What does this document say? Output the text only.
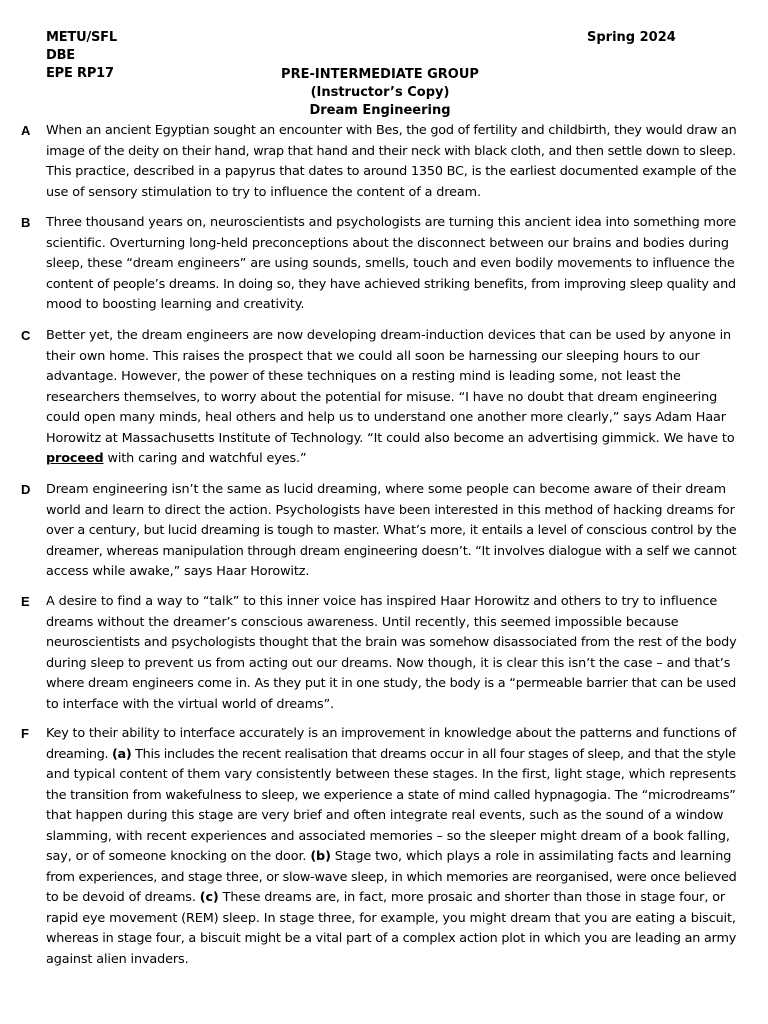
METU/SFL
DBE
EPE RP17
Spring 2024
PRE-INTERMEDIATE GROUP
(Instructor’s Copy)
Dream Engineering
A When an ancient Egyptian sought an encounter with Bes, the god of fertility and childbirth, they would draw an
image of the deity on their hand, wrap that hand and their neck with black cloth, and then settle down to sleep.
This practice, described in a papyrus that dates to around 1350 BC, is the earliest documented example of the
use of sensory stimulation to try to influence the content of a dream.
B Three thousand years on, neuroscientists and psychologists are turning this ancient idea into something more
scientific. Overturning long-held preconceptions about the disconnect between our brains and bodies during
sleep, these “dream engineers” are using sounds, smells, touch and even bodily movements to influence the
content of people’s dreams. In doing so, they have achieved striking benefits, from improving sleep quality and
mood to boosting learning and creativity.
C Better yet, the dream engineers are now developing dream-induction devices that can be used by anyone in
their own home. This raises the prospect that we could all soon be harnessing our sleeping hours to our
advantage. However, the power of these techniques on a resting mind is leading some, not least the
researchers themselves, to worry about the potential for misuse. “I have no doubt that dream engineering
could open many minds, heal others and help us to understand one another more clearly,” says Adam Haar
Horowitz at Massachusetts Institute of Technology. “It could also become an advertising gimmick. We have to
proceed with caring and watchful eyes.”
D Dream engineering isn’t the same as lucid dreaming, where some people can become aware of their dream
world and learn to direct the action. Psychologists have been interested in this method of hacking dreams for
over a century, but lucid dreaming is tough to master. What’s more, it entails a level of conscious control by the
dreamer, whereas manipulation through dream engineering doesn’t. “It involves dialogue with a self we cannot
access while awake,” says Haar Horowitz.
E A desire to find a way to “talk” to this inner voice has inspired Haar Horowitz and others to try to influence
dreams without the dreamer’s conscious awareness. Until recently, this seemed impossible because
neuroscientists and psychologists thought that the brain was somehow disassociated from the rest of the body
during sleep to prevent us from acting out our dreams. Now though, it is clear this isn’t the case – and that’s
where dream engineers come in. As they put it in one study, the body is a “permeable barrier that can be used
to interface with the virtual world of dreams”.
F Key to their ability to interface accurately is an improvement in knowledge about the patterns and functions of
dreaming. (a) This includes the recent realisation that dreams occur in all four stages of sleep, and that the style
and typical content of them vary consistently between these stages. In the first, light stage, which represents
the transition from wakefulness to sleep, we experience a state of mind called hypnagogia. The “microdreams”
that happen during this stage are very brief and often integrate real events, such as the sound of a window
slamming, with recent experiences and associated memories – so the sleeper might dream of a book falling,
say, or of someone knocking on the door. (b) Stage two, which plays a role in assimilating facts and learning
from experiences, and stage three, or slow-wave sleep, in which memories are reorganised, were once believed
to be devoid of dreams. (c) These dreams are, in fact, more prosaic and shorter than those in stage four, or
rapid eye movement (REM) sleep. In stage three, for example, you might dream that you are eating a biscuit,
whereas in stage four, a biscuit might be a vital part of a complex action plot in which you are leading an army
against alien invaders.
